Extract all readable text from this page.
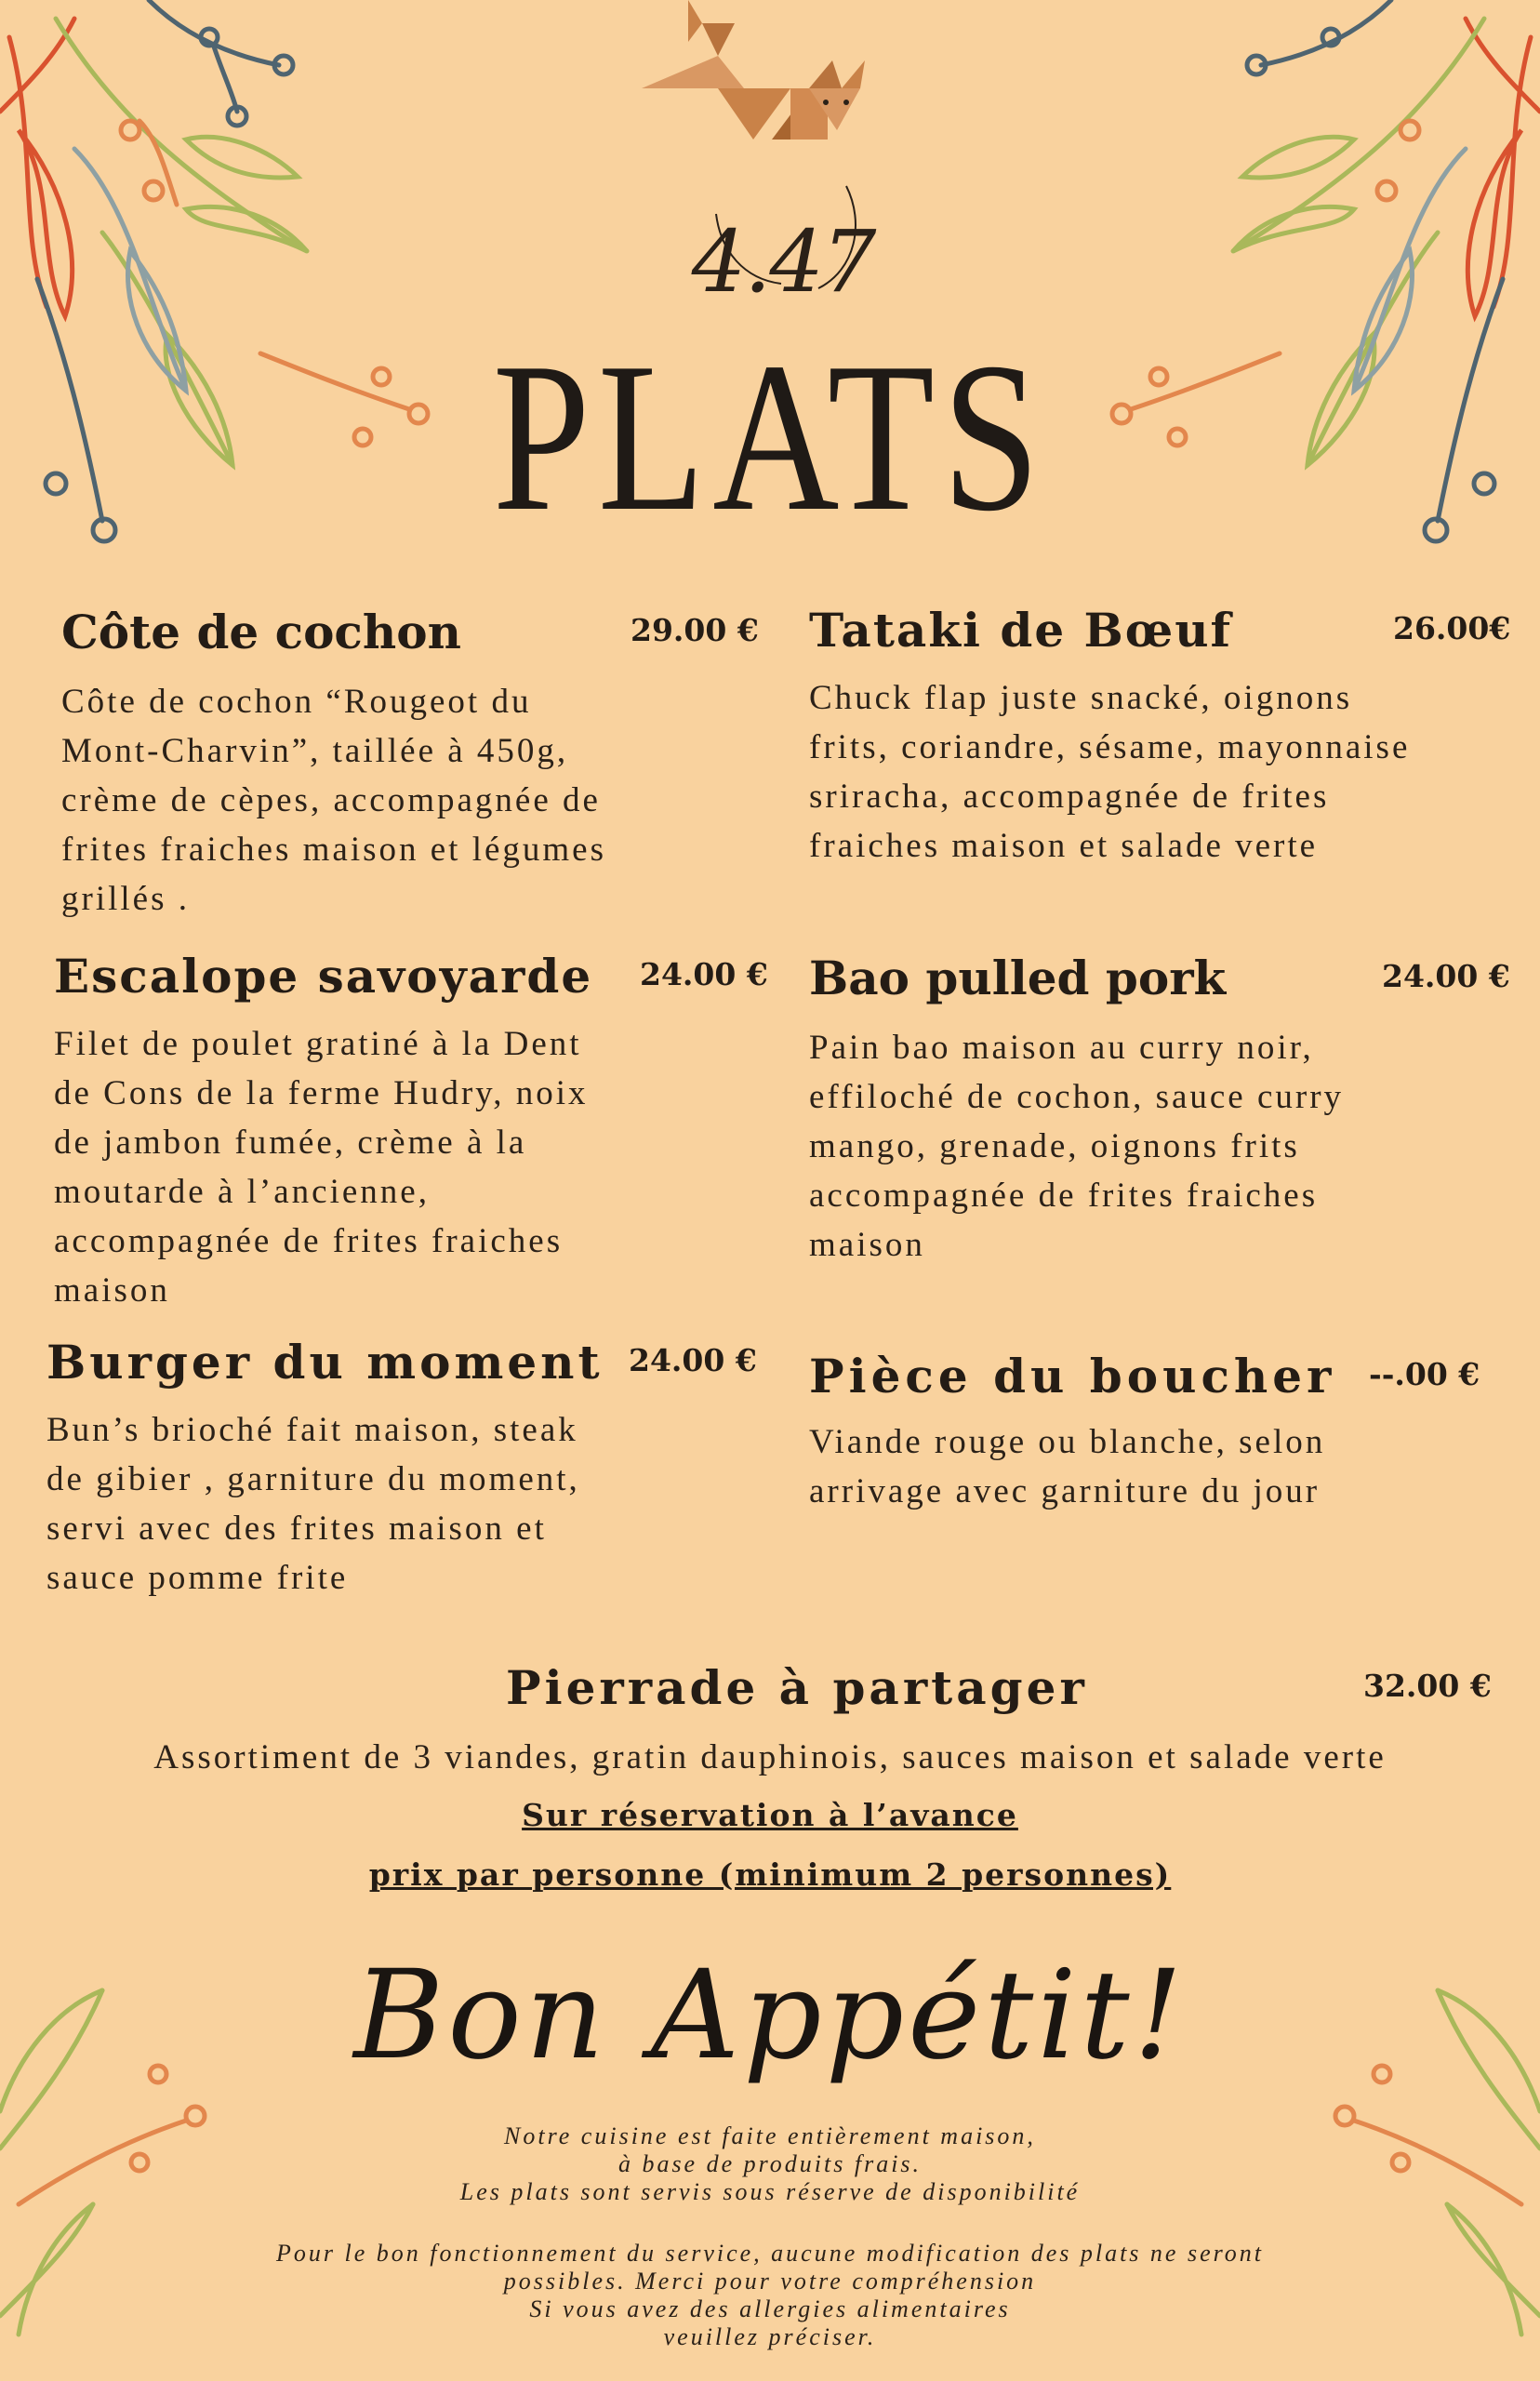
4.47
PLATS
Côte de cochon	29.00 €
Côte de cochon “Rougeot du
Mont-Charvin”, taillée à 450g,
crème de cèpes, accompagnée de
frites fraiches maison et légumes
grillés .
Tataki de Bœuf	26.00€
Chuck flap juste snacké, oignons
frits, coriandre, sésame, mayonnaise
sriracha, accompagnée de frites
fraiches maison et salade verte
Escalope savoyarde 24.00 €
Filet de poulet gratiné à la Dent
de Cons de la ferme Hudry, noix
de jambon fumée, crème à la
moutarde à l’ancienne,
accompagnée de frites fraiches
maison
Bao pulled pork	24.00 €
Pain bao maison au curry noir,
effiloché de cochon, sauce curry
mango, grenade, oignons frits
accompagnée de frites fraiches
maison
Burger du moment 24.00 €
Bun’s brioché fait maison, steak
de gibier , garniture du moment,
servi avec des frites maison et
sauce pomme frite
Pièce du boucher --.00 €
Viande rouge ou blanche, selon
arrivage avec garniture du jour
Pierrade à partager	32.00 €
Assortiment de 3 viandes, gratin dauphinois, sauces maison et salade verte
Sur réservation à l’avance
prix par personne (minimum 2 personnes)
Bon Appétit!
Notre cuisine est faite entièrement maison,
à base de produits frais.
Les plats sont servis sous réserve de disponibilité
Pour le bon fonctionnement du service, aucune modification des plats ne seront
possibles. Merci pour votre compréhension
Si vous avez des allergies alimentaires
veuillez préciser.
